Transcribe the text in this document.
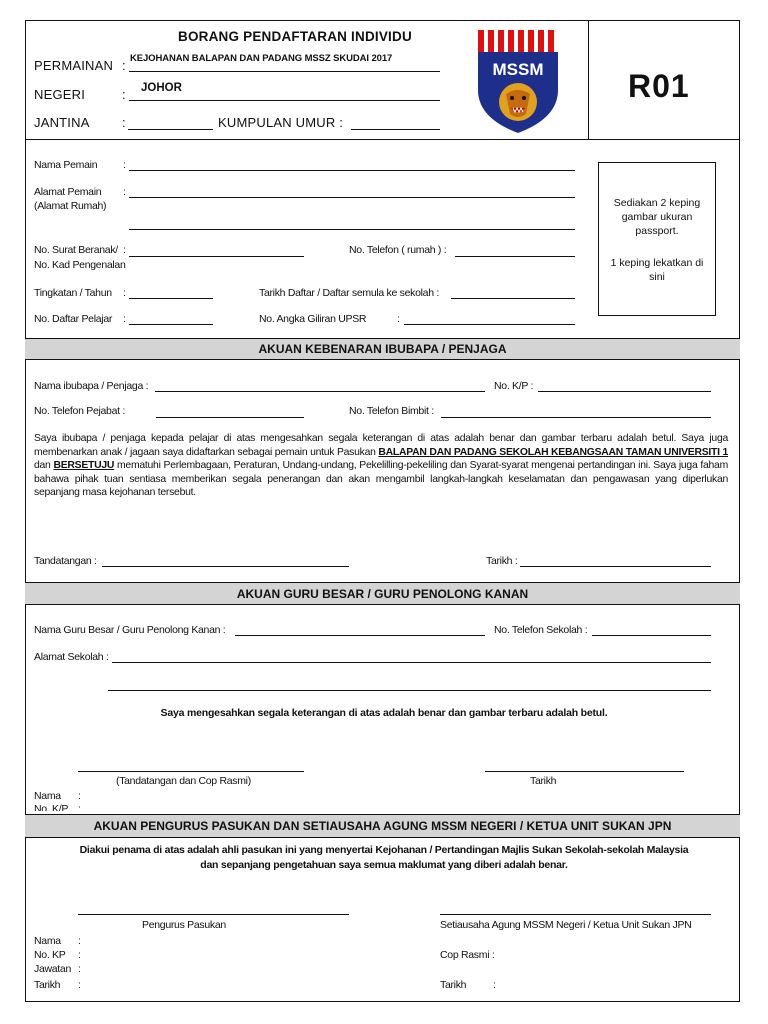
BORANG PENDAFTARAN INDIVIDU
PERMAINAN : KEJOHANAN BALAPAN DAN PADANG MSSZ SKUDAI 2017
NEGERI	: JOHOR
JANTINA :	KUMPULAN UMUR :
MSSM	R01
Nama Pemain :
Alamat Pemain
(Alamat Rumah)
:
No. Surat Beranak/
No. Kad Pengenalan
:	No. Telefon ( rumah ) :
Tingkatan / Tahun :	Tarikh Daftar / Daftar semula ke sekolah :
No. Daftar Pelajar :	No. Angka Giliran UPSR	:
Sediakan 2 keping gambar ukuran passport.
1 keping lekatkan di sini
AKUAN KEBENARAN IBUBAPA / PENJAGA
Nama ibubapa / Penjaga :	No. K/P :
No. Telefon Pejabat :	No. Telefon Bimbit :
Saya ibubapa / penjaga kepada pelajar di atas mengesahkan segala keterangan di atas adalah benar dan gambar terbaru adalah betul. Saya juga membenarkan anak / jagaan saya didaftarkan sebagai pemain untuk Pasukan BALAPAN DAN PADANG SEKOLAH KEBANGSAAN TAMAN UNIVERSITI 1 dan BERSETUJU mematuhi Perlembagaan, Peraturan, Undang-undang, Pekelilling-pekeliling dan Syarat-syarat mengenai pertandingan ini. Saya juga faham bahawa pihak tuan sentiasa memberikan segala penerangan dan akan mengambil langkah-langkah keselamatan dan pengawasan yang diperlukan sepanjang masa kejohanan tersebut.
Tandatangan :	Tarikh :
AKUAN GURU BESAR / GURU PENOLONG KANAN
Nama Guru Besar / Guru Penolong Kanan :	No. Telefon Sekolah :
Alamat Sekolah :
Saya mengesahkan segala keterangan di atas adalah benar dan gambar terbaru adalah betul.
(Tandatangan dan Cop Rasmi)	Tarikh
Nama :
No. K/P :
AKUAN PENGURUS PASUKAN DAN SETIAUSAHA AGUNG MSSM NEGERI / KETUA UNIT SUKAN JPN
Diakui penama di atas adalah ahli pasukan ini yang menyertai Kejohanan / Pertandingan Majlis Sukan Sekolah-sekolah Malaysia
dan sepanjang pengetahuan saya semua maklumat yang diberi adalah benar.
Pengurus Pasukan	Setiausaha Agung MSSM Negeri / Ketua Unit Sukan JPN
Nama :
No. KP :
Jawatan :
Tarikh :
Cop Rasmi :
Tarikh	:
